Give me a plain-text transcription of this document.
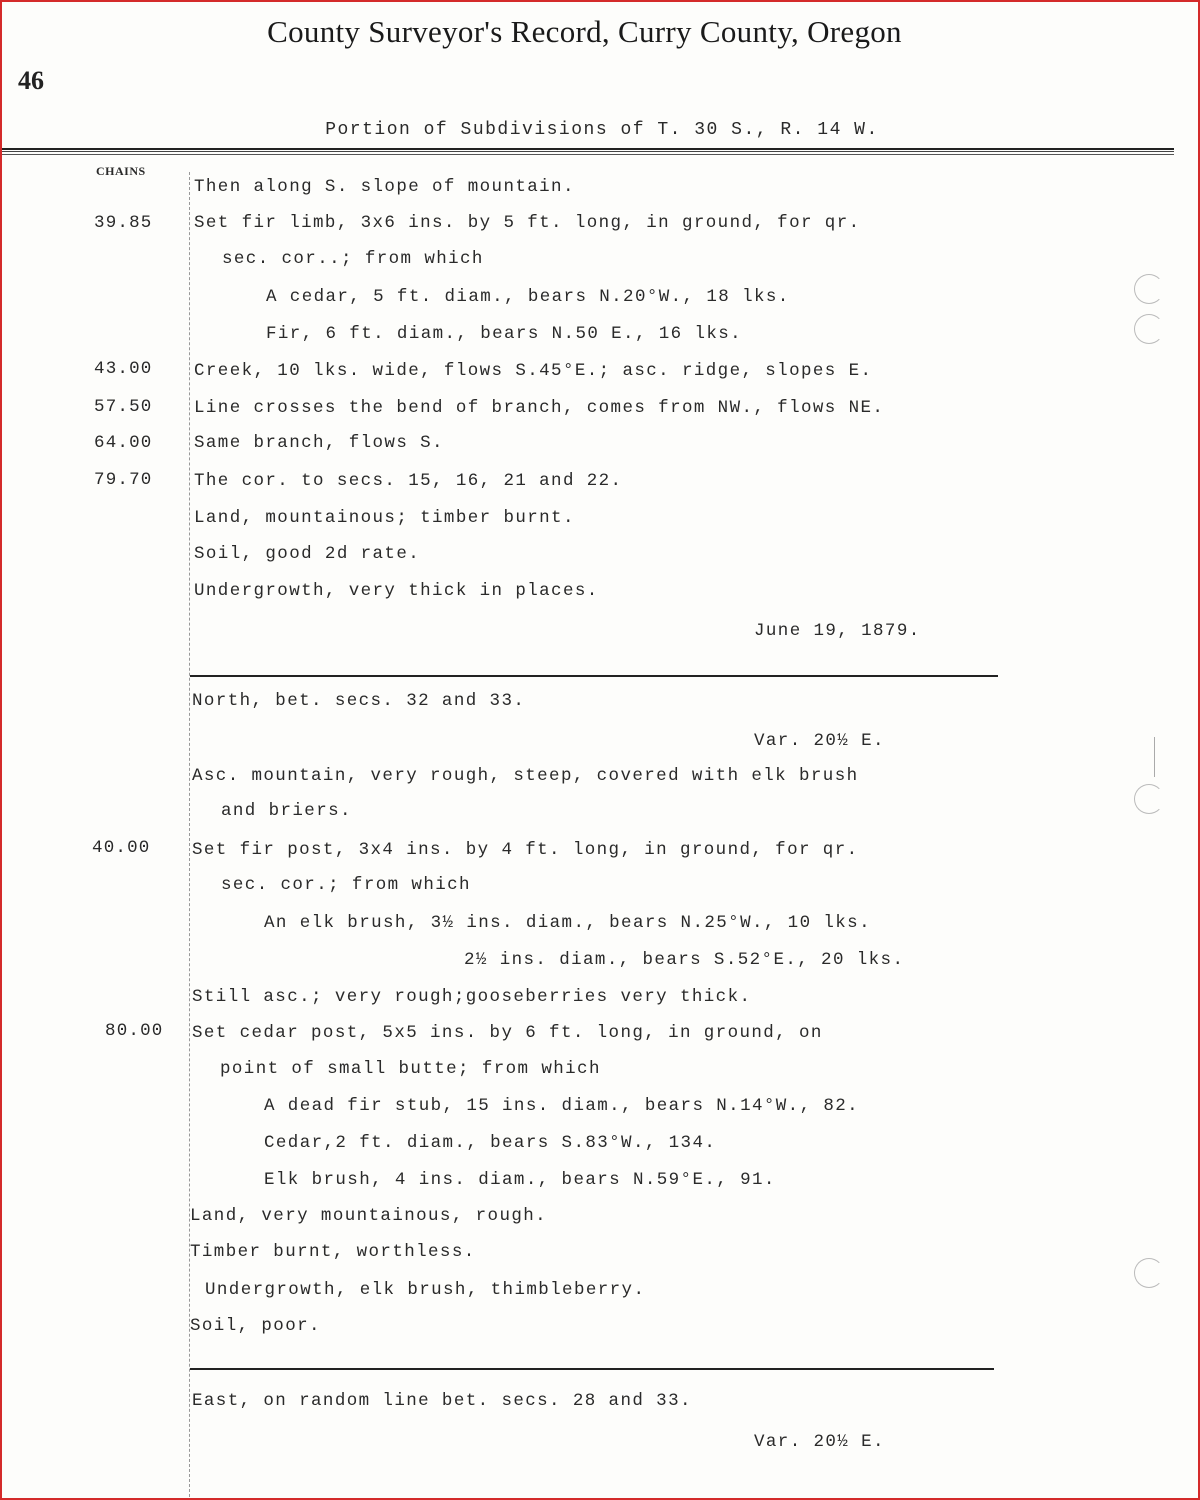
County Surveyor's Record, Curry County, Oregon
46
Portion of Subdivisions of T. 30 S., R. 14 W.
CHAINS
Then along S. slope of mountain.
39.85 Set fir limb, 3x6 ins. by 5 ft. long, in ground, for qr.
sec. cor..; from which
A cedar, 5 ft. diam., bears N.20°W., 18 lks.
Fir, 6 ft. diam., bears N.50 E., 16 lks.
43.00 Creek, 10 lks. wide, flows S.45°E.; asc. ridge, slopes E.
57.50 Line crosses the bend of branch, comes from NW., flows NE.
64.00 Same branch, flows S.
79.70 The cor. to secs. 15, 16, 21 and 22.
Land, mountainous; timber burnt.
Soil, good 2d rate.
Undergrowth, very thick in places.
June 19, 1879.
North, bet. secs. 32 and 33.
Var. 20½ E.
Asc. mountain, very rough, steep, covered with elk brush
and briers.
40.00 Set fir post, 3x4 ins. by 4 ft. long, in ground, for qr.
sec. cor.; from which
An elk brush, 3½ ins. diam., bears N.25°W., 10 lks.
2½ ins. diam., bears S.52°E., 20 lks.
Still asc.; very rough;gooseberries very thick.
80.00 Set cedar post, 5x5 ins. by 6 ft. long, in ground, on
point of small butte; from which
A dead fir stub, 15 ins. diam., bears N.14°W., 82.
Cedar,2 ft. diam., bears S.83°W., 134.
Elk brush, 4 ins. diam., bears N.59°E., 91.
Land, very mountainous, rough.
Timber burnt, worthless.
Undergrowth, elk brush, thimbleberry.
Soil, poor.
East, on random line bet. secs. 28 and 33.
Var. 20½ E.
